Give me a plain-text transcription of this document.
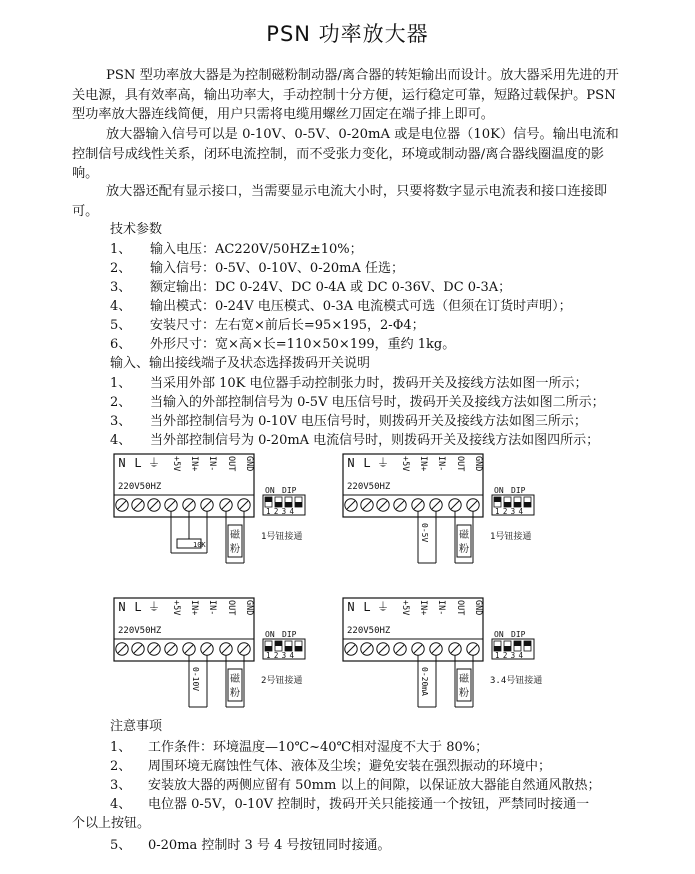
PSN 功率放大器
PSN 型功率放大器是为控制磁粉制动器/离合器的转矩输出而设计。放大器采用先进的开关电源，具有效率高，输出功率大，手动控制十分方便，运行稳定可靠，短路过载保护。PSN 型功率放大器连线简便，用户只需将电缆用螺丝刀固定在端子排上即可。
放大器输入信号可以是 0-10V、0-5V、0-20mA 或是电位器（10K）信号。输出电流和控制信号成线性关系，闭环电流控制，而不受张力变化，环境或制动器/离合器线圈温度的影响。
放大器还配有显示接口，当需要显示电流大小时，只要将数字显示电流表和接口连接即可。
技术参数
1、 输入电压：AC220V/50HZ±10%；
2、 输入信号：0-5V、0-10V、0-20mA 任选；
3、 额定输出：DC 0-24V、DC 0-4A 或 DC 0-36V、DC 0-3A；
4、 输出模式：0-24V 电压模式、0-3A 电流模式可选（但须在订货时声明）；
5、 安装尺寸：左右宽×前后长=95×195，2-Φ4；
6、 外形尺寸：宽×高×长=110×50×199，重约 1kg。
输入、输出接线端子及状态选择拨码开关说明
1、 当采用外部 10K 电位器手动控制张力时，拨码开关及接线方法如图一所示；
2、 当输入的外部控制信号为 0-5V 电压信号时，拨码开关及接线方法如图二所示；
3、 当外部控制信号为 0-10V 电压信号时，则拨码开关及接线方法如图三所示；
4、 当外部控制信号为 0-20mA 电流信号时，则拨码开关及接线方法如图四所示；
N L ⏚ +5V IN+ IN- OUT GND
220V50HZ
10K
磁
粉
ON DIP
1234
1号钮接通
N L ⏚ +5V IN+ IN- OUT GND
220V50HZ
0-5V	磁
粉
ON DIP
1234
1号钮接通
N L ⏚ +5V IN+ IN- OUT GND
220V50HZ
0-10V	磁
粉
ON DIP
1234
2号钮接通
N L ⏚ +5V IN+ IN- OUT GND
220V50HZ
0-20mA	磁
粉
ON DIP
1234
3.4号钮接通
注意事项
1、 工作条件：环境温度—10℃~40℃相对湿度不大于 80%；
2、 周围环境无腐蚀性气体、液体及尘埃；避免安装在强烈振动的环境中；
3、 安装放大器的两侧应留有 50mm 以上的间隙，以保证放大器能自然通风散热；
4、 电位器 0-5V，0-10V 控制时，拨码开关只能接通一个按钮，严禁同时接通一
个以上按钮。
5、 0-20ma 控制时 3 号 4 号按钮同时接通。
